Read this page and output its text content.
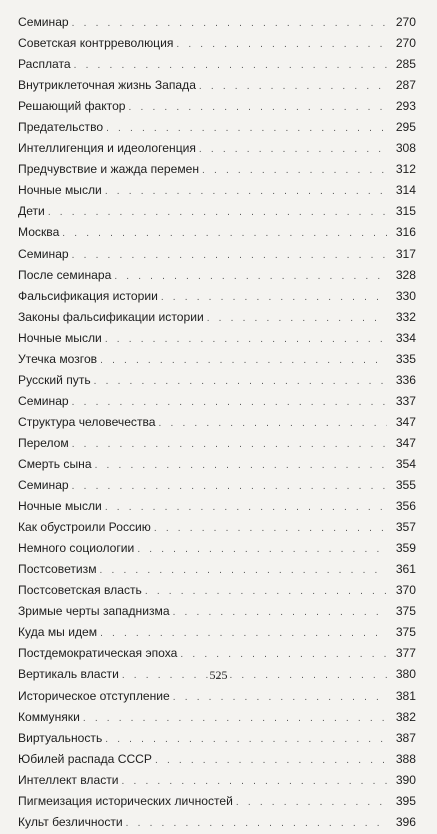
Семинар . . .	270
Советская контрреволюция . . .	270
Расплата . . .	285
Внутриклеточная жизнь Запада . . .	287
Решающий фактор . . .	293
Предательство . . .	295
Интеллигенция и идеологенция . . .	308
Предчувствие и жажда перемен . . .	312
Ночные мысли . . .	314
Дети . . .	315
Москва . . .	316
Семинар . . .	317
После семинара . . .	328
Фальсификация истории . . .	330
Законы фальсификации истории . . .	332
Ночные мысли . . .	334
Утечка мозгов . . .	335
Русский путь . . .	336
Семинар . . .	337
Структура человечества . . .	347
Перелом . . .	347
Смерть сына . . .	354
Семинар . . .	355
Ночные мысли . . .	356
Как обустроили Россию . . .	357
Немного социологии . . .	359
Постсоветизм . . .	361
Постсоветская власть . . .	370
Зримые черты западнизма . . .	375
Куда мы идем . . .	375
Постдемократическая эпоха . . .	377
Вертикаль власти . . .	380
Историческое отступление . . .	381
Коммуняки . . .	382
Виртуальность . . .	387
Юбилей распада СССР . . .	388
Интеллект власти . . .	390
Пигмеизация исторических личностей . . .	395
Культ безличности . . .	396
525
